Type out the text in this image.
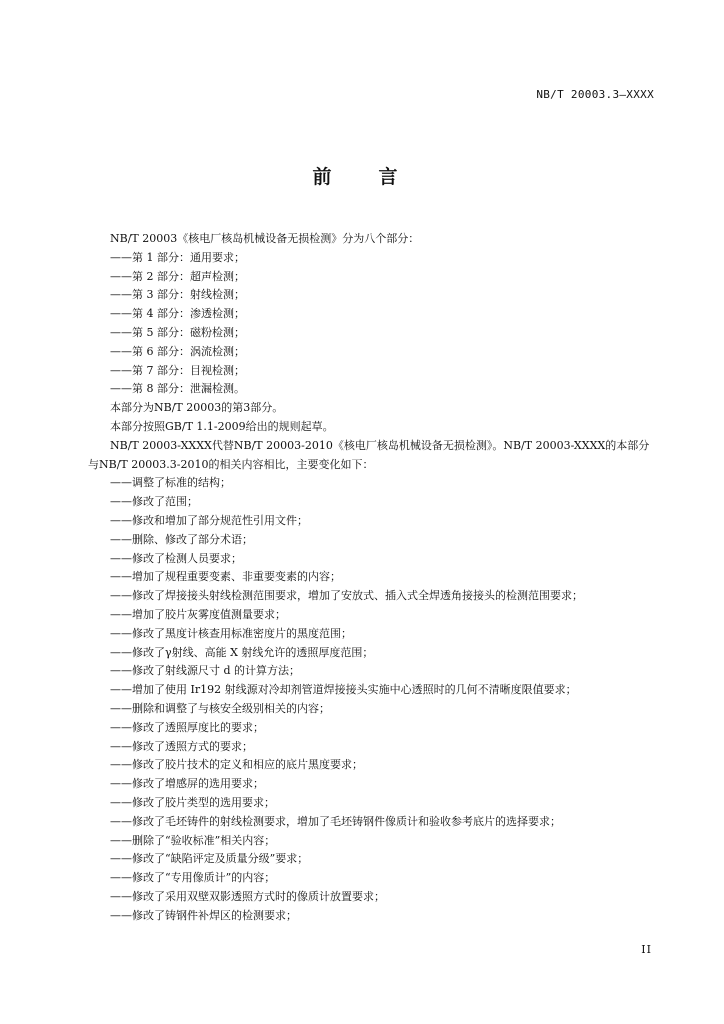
NB/T 20003.3—XXXX
前　言
NB/T 20003《核电厂核岛机械设备无损检测》分为八个部分：
——第 1 部分：通用要求；
——第 2 部分：超声检测；
——第 3 部分：射线检测；
——第 4 部分：渗透检测；
——第 5 部分：磁粉检测；
——第 6 部分：涡流检测；
——第 7 部分：目视检测；
——第 8 部分：泄漏检测。
本部分为NB/T 20003的第3部分。
本部分按照GB/T 1.1-2009给出的规则起草。
NB/T 20003-XXXX代替NB/T 20003-2010《核电厂核岛机械设备无损检测》。NB/T 20003-XXXX的本部分与NB/T 20003.3-2010的相关内容相比，主要变化如下：
——调整了标准的结构；
——修改了范围；
——修改和增加了部分规范性引用文件；
——删除、修改了部分术语；
——修改了检测人员要求；
——增加了规程重要变素、非重要变素的内容；
——修改了焊接接头射线检测范围要求，增加了安放式、插入式全焊透角接接头的检测范围要求；
——增加了胶片灰雾度值测量要求；
——修改了黑度计核查用标准密度片的黑度范围；
——修改了γ射线、高能 X 射线允许的透照厚度范围；
——修改了射线源尺寸 d 的计算方法；
——增加了使用 Ir192 射线源对冷却剂管道焊接接头实施中心透照时的几何不清晰度限值要求；
——删除和调整了与核安全级别相关的内容；
——修改了透照厚度比的要求；
——修改了透照方式的要求；
——修改了胶片技术的定义和相应的底片黑度要求；
——修改了增感屏的选用要求；
——修改了胶片类型的选用要求；
——修改了毛坯铸件的射线检测要求，增加了毛坯铸钢件像质计和验收参考底片的选择要求；
——删除了“验收标准”相关内容；
——修改了“缺陷评定及质量分级”要求；
——修改了“专用像质计”的内容；
——修改了采用双壁双影透照方式时的像质计放置要求；
——修改了铸钢件补焊区的检测要求；
II
